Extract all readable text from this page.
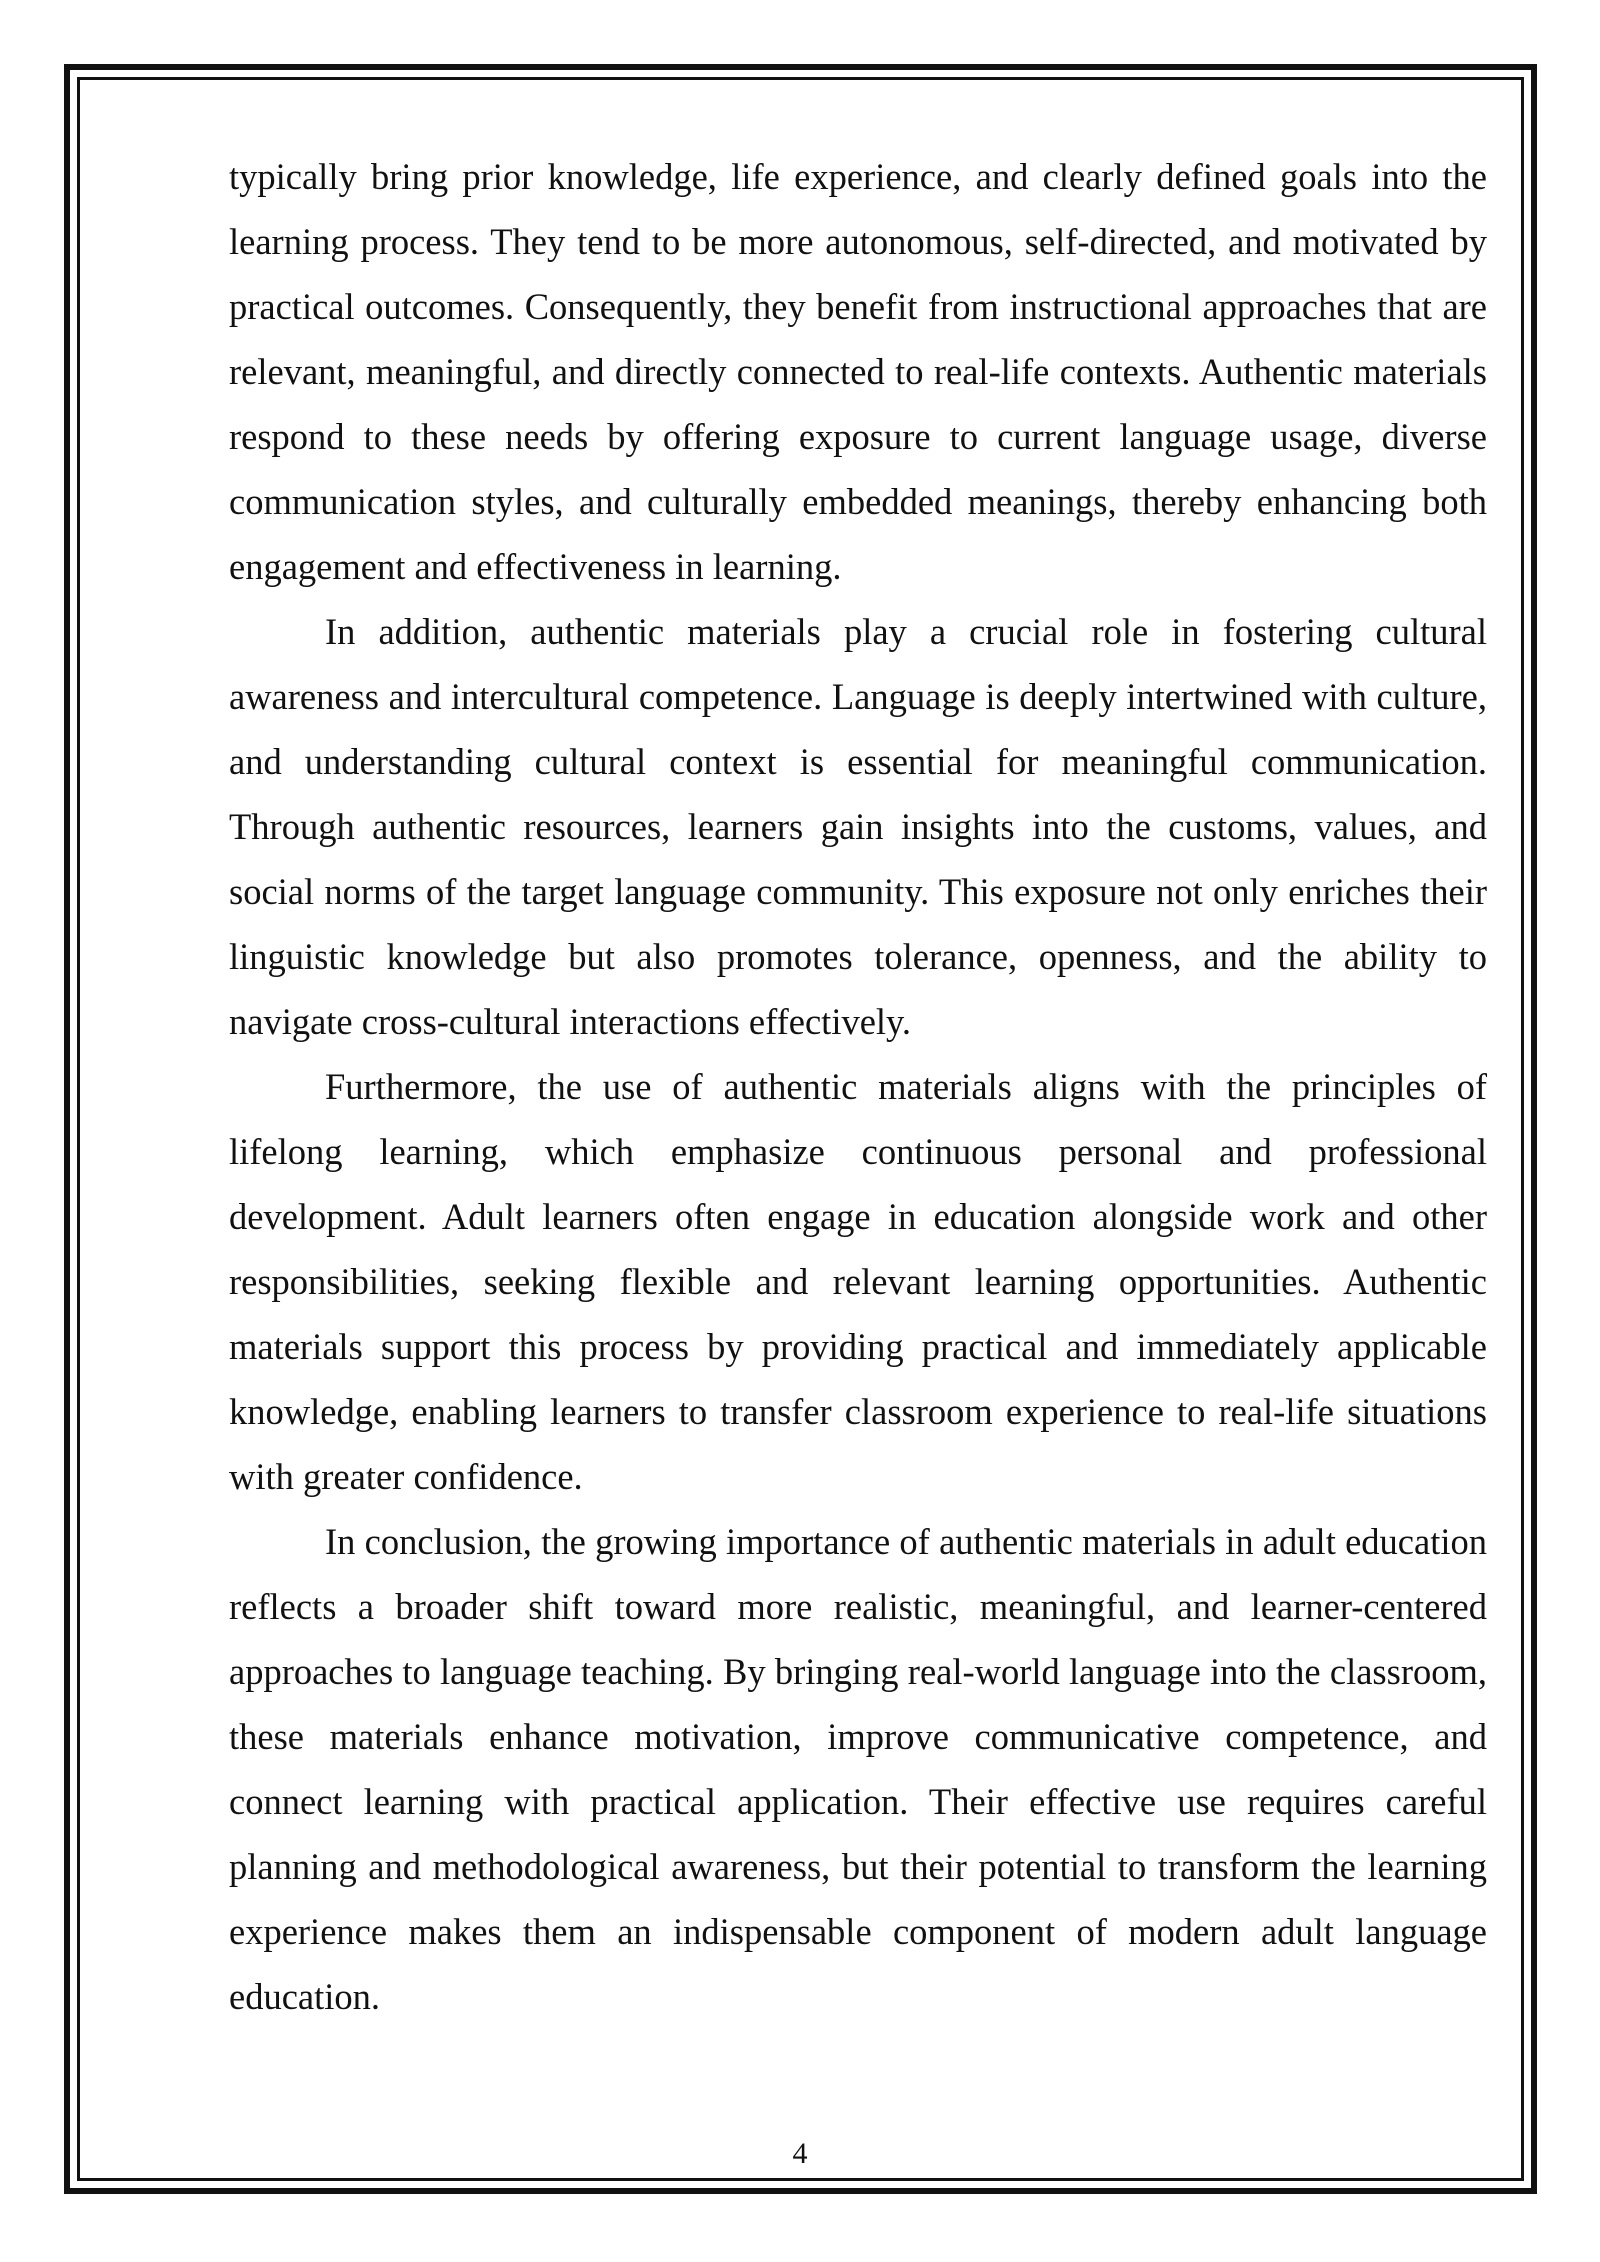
typically bring prior knowledge, life experience, and clearly defined goals into the learning process. They tend to be more autonomous, self-directed, and motivated by practical outcomes. Consequently, they benefit from instructional approaches that are relevant, meaningful, and directly connected to real-life contexts. Authentic materials respond to these needs by offering exposure to current language usage, diverse communication styles, and culturally embedded meanings, thereby enhancing both engagement and effectiveness in learning.

In addition, authentic materials play a crucial role in fostering cultural awareness and intercultural competence. Language is deeply intertwined with culture, and understanding cultural context is essential for meaningful communication. Through authentic resources, learners gain insights into the customs, values, and social norms of the target language community. This exposure not only enriches their linguistic knowledge but also promotes tolerance, openness, and the ability to navigate cross-cultural interactions effectively.

Furthermore, the use of authentic materials aligns with the principles of lifelong learning, which emphasize continuous personal and professional development. Adult learners often engage in education alongside work and other responsibilities, seeking flexible and relevant learning opportunities. Authentic materials support this process by providing practical and immediately applicable knowledge, enabling learners to transfer classroom experience to real-life situations with greater confidence.

In conclusion, the growing importance of authentic materials in adult education reflects a broader shift toward more realistic, meaningful, and learner-centered approaches to language teaching. By bringing real-world language into the classroom, these materials enhance motivation, improve communicative competence, and connect learning with practical application. Their effective use requires careful planning and methodological awareness, but their potential to transform the learning experience makes them an indispensable component of modern adult language education.

4
